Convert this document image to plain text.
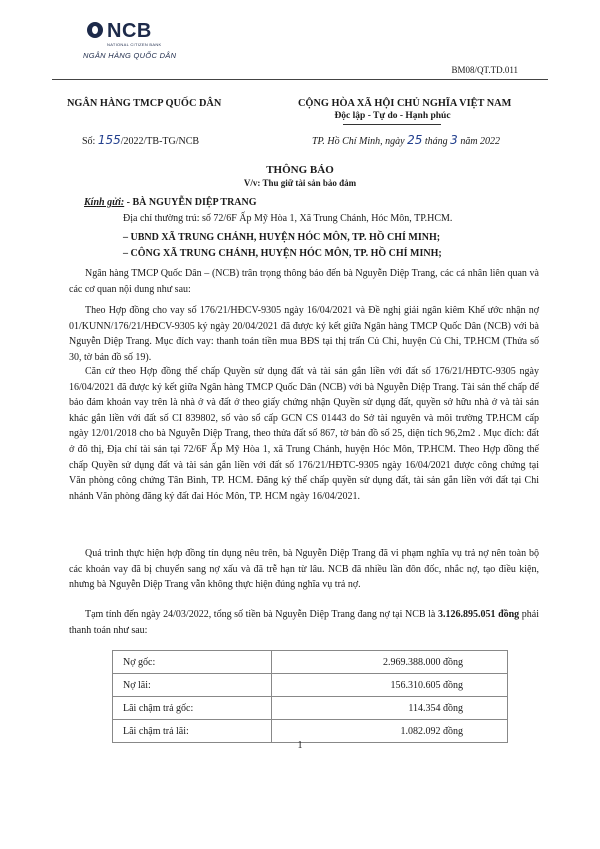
NCB
NATIONAL CITIZEN BANK
NGÂN HÀNG QUỐC DÂN
BM08/QT.TD.011
NGÂN HÀNG TMCP QUỐC DÂN	CỘNG HÒA XÃ HỘI CHỦ NGHĨA VIỆT NAM
Độc lập - Tự do - Hạnh phúc
Số: 155/2022/TB-TG/NCB	TP. Hồ Chí Minh, ngày 25 tháng 3 năm 2022
THÔNG BÁO
V/v: Thu giữ tài sản bảo đảm
Kính gửi: - BÀ NGUYỄN DIỆP TRANG
Địa chỉ thường trú: số 72/6F Ấp Mỹ Hòa 1, Xã Trung Chánh, Hóc Môn, TP.HCM.
– UBND XÃ TRUNG CHÁNH, HUYỆN HÓC MÔN, TP. HỒ CHÍ MINH;
– CÔNG XÃ TRUNG CHÁNH, HUYỆN HÓC MÔN, TP. HỒ CHÍ MINH;
Ngân hàng TMCP Quốc Dân – (NCB) trân trọng thông báo đến bà Nguyễn Diệp Trang, các cá nhân liên quan và các cơ quan nội dung như sau:
Theo Hợp đồng cho vay số 176/21/HĐCV-9305 ngày 16/04/2021 và Đề nghị giải ngân kiêm Khế ước nhận nợ 01/KUNN/176/21/HĐCV-9305 ký ngày 20/04/2021 đã được ký kết giữa Ngân hàng TMCP Quốc Dân (NCB) với bà Nguyễn Diệp Trang. Mục đích vay: thanh toán tiền mua BĐS tại thị trấn Củ Chi, huyện Củ Chi, TP.HCM (Thửa số 30, tờ bản đồ số 19).
Căn cứ theo Hợp đồng thế chấp Quyền sử dụng đất và tài sản gắn liền với đất số 176/21/HĐTC-9305 ngày 16/04/2021 đã được ký kết giữa Ngân hàng TMCP Quốc Dân (NCB) với bà Nguyễn Diệp Trang. Tài sản thế chấp để bảo đảm khoản vay trên là nhà ở và đất ở theo giấy chứng nhận Quyền sử dụng đất, quyền sở hữu nhà ở và tài sản khác gắn liền với đất số CI 839802, số vào sổ cấp GCN CS 01443 do Sở tài nguyên và môi trường TP.HCM cấp ngày 12/01/2018 cho bà Nguyễn Diệp Trang, theo thửa đất số 867, tờ bản đồ số 25, diện tích 96,2m2 . Mục đích: đất ở đô thị, Địa chỉ tài sản tại 72/6F Ấp Mỹ Hòa 1, xã Trung Chánh, huyện Hóc Môn, TP.HCM. Theo Hợp đồng thế chấp Quyền sử dụng đất và tài sản gắn liền với đất số 176/21/HĐTC-9305 ngày 16/04/2021 được công chứng tại Văn phòng công chứng Tân Bình, TP. HCM. Đăng ký thế chấp quyền sử dụng đất, tài sản gắn liền với đất tại Chi nhánh Văn phòng đăng ký đất đai Hóc Môn, TP. HCM ngày 16/04/2021.
Quá trình thực hiện hợp đồng tín dụng nêu trên, bà Nguyễn Diệp Trang đã vi phạm nghĩa vụ trả nợ nên toàn bộ các khoản vay đã bị chuyển sang nợ xấu và đã trễ hạn từ lâu. NCB đã nhiều lần đôn đốc, nhắc nợ, tạo điều kiện, nhưng bà Nguyễn Diệp Trang vẫn không thực hiện đúng nghĩa vụ trả nợ.
Tạm tính đến ngày 24/03/2022, tổng số tiền bà Nguyễn Diệp Trang đang nợ tại NCB là 3.126.895.051 đồng phải thanh toán như sau:
Nợ gốc:	2.969.388.000 đồng
Nợ lãi:	156.310.605 đồng
Lãi chậm trả gốc:	114.354 đồng
Lãi chậm trả lãi:	1.082.092 đồng
1
